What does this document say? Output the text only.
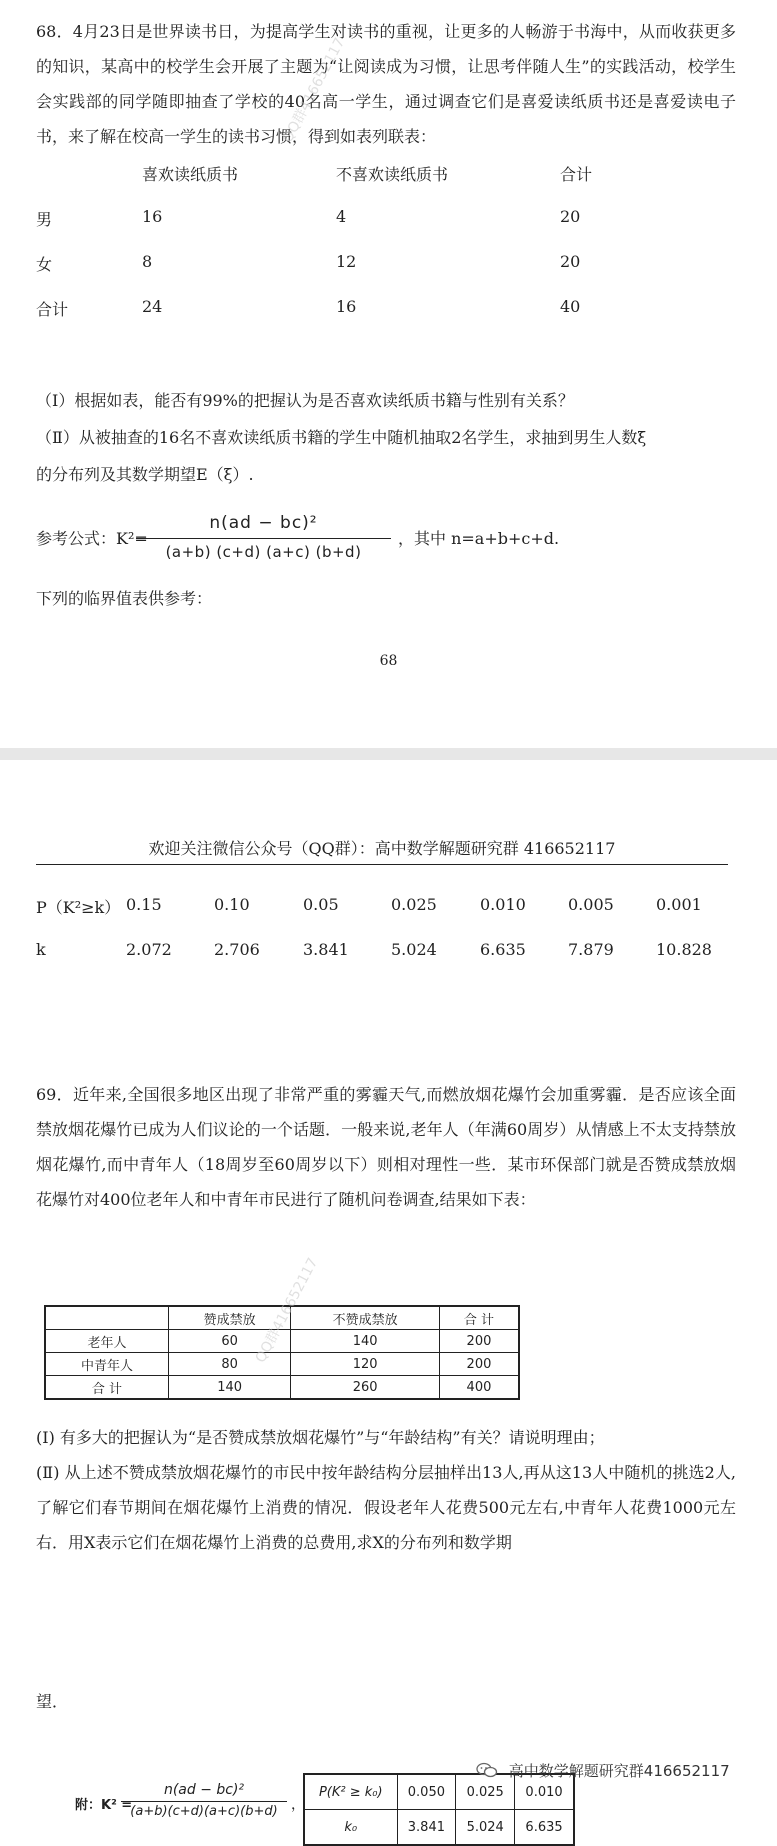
68．4月23日是世界读书日，为提高学生对读书的重视，让更多的人畅游于书海中，从而收获更多的知识，某高中的校学生会开展了主题为“让阅读成为习惯，让思考伴随人生”的实践活动，校学生会实践部的同学随即抽查了学校的40名高一学生，通过调查它们是喜爱读纸质书还是喜爱读电子书，来了解在校高一学生的读书习惯，得到如表列联表：

喜欢读纸质书	不喜欢读纸质书	合计
男	16	4	20
女	8	12	20
合计	24	16	40
（Ⅰ）根据如表，能否有99%的把握认为是否喜欢读纸质书籍与性别有关系？
（Ⅱ）从被抽查的16名不喜欢读纸质书籍的学生中随机抽取2名学生，求抽到男生人数ξ
的分布列及其数学期望E（ξ）.
参考公式：K²=
n(ad − bc)²
(a+b) (c+d) (a+c) (b+d)
，其中 n=a+b+c+d.
下列的临界值表供参考：
68
QQ群416652117
欢迎关注微信公众号（QQ群）：高中数学解题研究群 416652117
P（K²≥k） 0.15	0.10	0.05	0.025	0.010	0.005	0.001
k	2.072	2.706	3.841	5.024	6.635	7.879	10.828

69．近年来,全国很多地区出现了非常严重的雾霾天气,而燃放烟花爆竹会加重雾霾．是否应该全面禁放烟花爆竹已成为人们议论的一个话题．一般来说,老年人（年满60周岁）从情感上不太支持禁放烟花爆竹,而中青年人（18周岁至60周岁以下）则相对理性一些．某市环保部门就是否赞成禁放烟花爆竹对400位老年人和中青年市民进行了随机问卷调查,结果如下表：

	赞成禁放	不赞成禁放	合 计
老年人	60	140	200
中青年人	80	120	200
合 计	140	260	400

(Ⅰ) 有多大的把握认为“是否赞成禁放烟花爆竹”与“年龄结构”有关？请说明理由；

(Ⅱ) 从上述不赞成禁放烟花爆竹的市民中按年龄结构分层抽样出13人,再从这13人中随机的挑选2人,了解它们春节期间在烟花爆竹上消费的情况．假设老年人花费500元左右,中青年人花费1000元左右．用X表示它们在烟花爆竹上消费的总费用,求X的分布列和数学期

附：K² =
n(ad − bc)²
(a+b)(c+d)(a+c)(b+d) ，
P(K² ≥ k₀)	0.050	0.025	0.010
k₀	3.841	5.024	6.635
望．
高中数学解题研究群416652117
QQ群416652117
